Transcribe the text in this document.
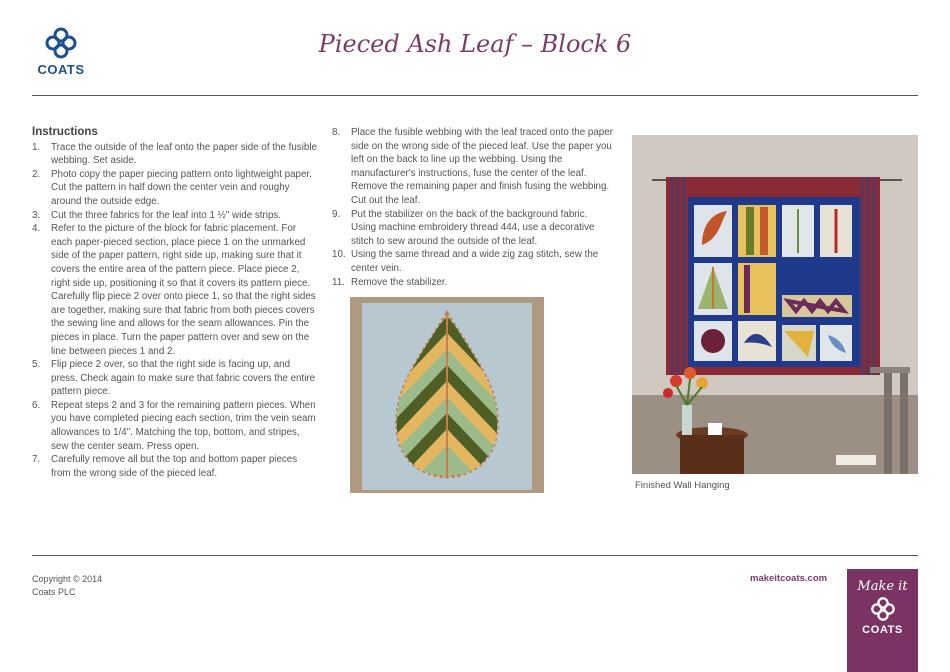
COATS
Pieced Ash Leaf – Block 6
Instructions
1. Trace the outside of the leaf onto the paper side of the fusible webbing. Set aside.
2. Photo copy the paper piecing pattern onto lightweight paper. Cut the pattern in half down the center vein and roughy around the outside edge.
3. Cut the three fabrics for the leaf into 1 ½" wide strips.
4. Refer to the picture of the block for fabric placement. For each paper-pieced section, place piece 1 on the unmarked side of the paper pattern, right side up, making sure that it covers the entire area of the pattern piece. Place piece 2, right side up, positioning it so that it covers its pattern piece. Carefully flip piece 2 over onto piece 1, so that the right sides are together, making sure that fabric from both pieces covers the sewing line and allows for the seam allowances. Pin the pieces in place. Turn the paper pattern over and sew on the line between pieces 1 and 2.
5. Flip piece 2 over, so that the right side is facing up, and press. Check again to make sure that fabric covers the entire pattern piece.
6. Repeat steps 2 and 3 for the remaining pattern pieces. When you have completed piecing each section, trim the vein seam allowances to 1/4". Matching the top, bottom, and stripes, sew the center seam. Press open.
7. Carefully remove all but the top and bottom paper pieces from the wrong side of the pieced leaf.
8. Place the fusible webbing with the leaf traced onto the paper side on the wrong side of the pieced leaf. Use the paper you left on the back to line up the webbing. Using the manufacturer's instructions, fuse the center of the leaf. Remove the remaining paper and finish fusing the webbing. Cut out the leaf.
9. Put the stabilizer on the back of the background fabric. Using machine embroidery thread 444, use a decorative stitch to sew around the outside of the leaf.
10. Using the same thread and a wide zig zag stitch, sew the center vein.
11. Remove the stabilizer.
Finished Wall Hanging
Copyright © 2014
Coats PLC
makeitcoats.com
Make it
COATS
